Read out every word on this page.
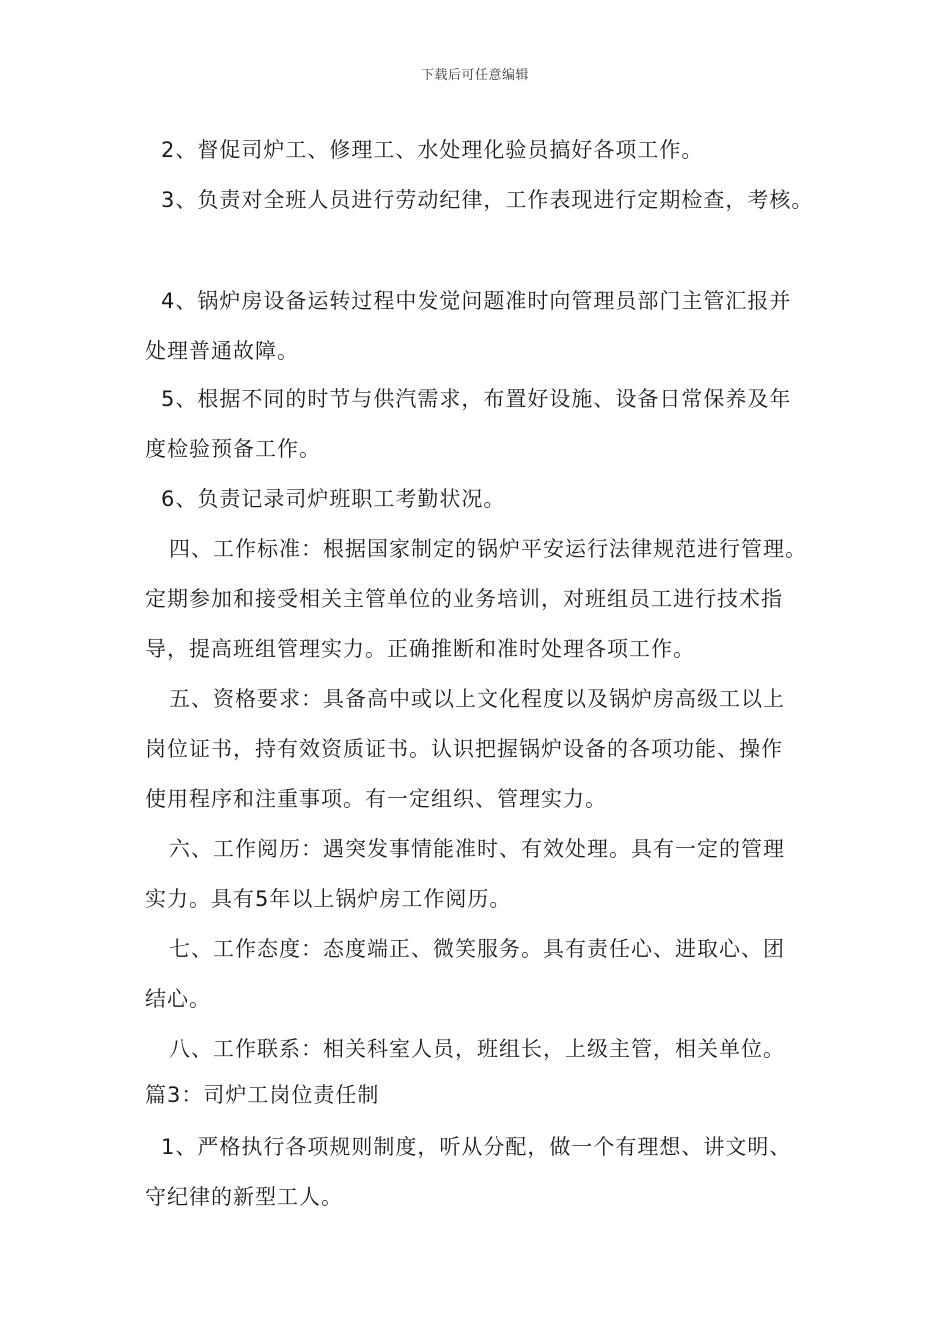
下载后可任意编辑
2、督促司炉工、修理工、水处理化验员搞好各项工作。
3、负责对全班人员进行劳动纪律，工作表现进行定期检查，考核。
4、锅炉房设备运转过程中发觉问题准时向管理员部门主管汇报并
处理普通故障。
5、根据不同的时节与供汽需求，布置好设施、设备日常保养及年
度检验预备工作。
6、负责记录司炉班职工考勤状况。
四、工作标准：根据国家制定的锅炉平安运行法律规范进行管理。
定期参加和接受相关主管单位的业务培训，对班组员工进行技术指
导，提高班组管理实力。正确推断和准时处理各项工作。
五、资格要求：具备高中或以上文化程度以及锅炉房高级工以上
岗位证书，持有效资质证书。认识把握锅炉设备的各项功能、操作
使用程序和注重事项。有一定组织、管理实力。
六、工作阅历：遇突发事情能准时、有效处理。具有一定的管理
实力。具有5年以上锅炉房工作阅历。
七、工作态度：态度端正、微笑服务。具有责任心、进取心、团
结心。
八、工作联系：相关科室人员，班组长，上级主管，相关单位。
篇3：司炉工岗位责任制
1、严格执行各项规则制度，听从分配，做一个有理想、讲文明、
守纪律的新型工人。
